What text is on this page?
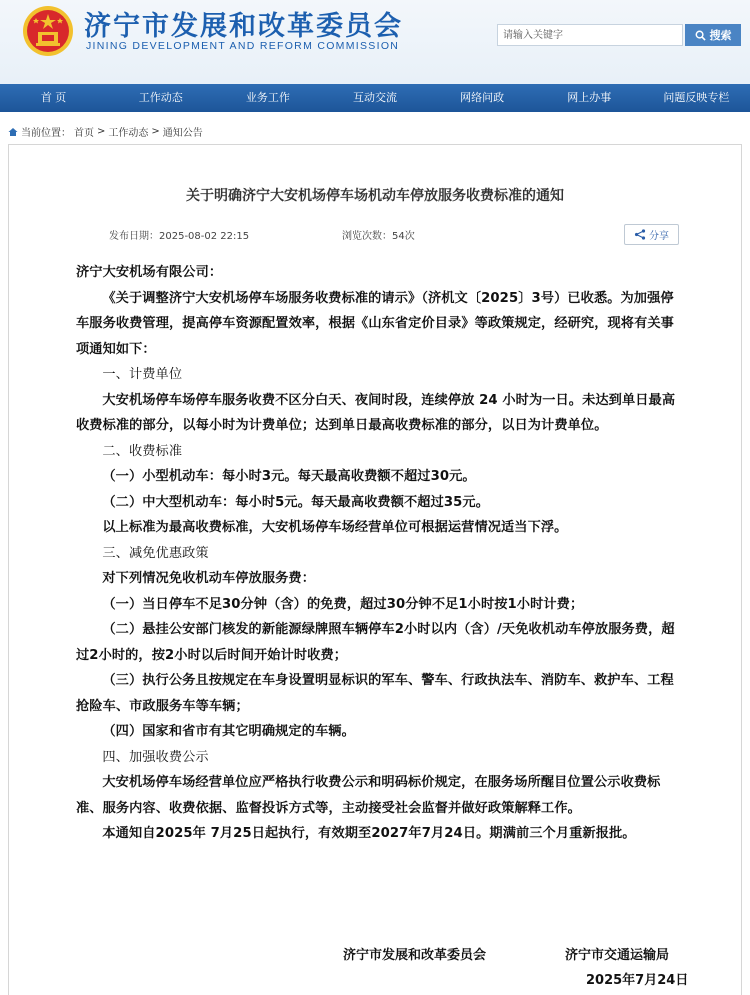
济宁市发展和改革委员会
JINING DEVELOPMENT AND REFORM COMMISSION
请输入关键字
搜索
首 页	工作动态	业务工作	互动交流	网络问政	网上办事	问题反映专栏
当前位置： 首页 > 工作动态 > 通知公告
关于明确济宁大安机场停车场机动车停放服务收费标准的通知
发布日期：2025-08-02 22:15	浏览次数：54次	分享

济宁大安机场有限公司：

《关于调整济宁大安机场停车场服务收费标准的请示》（济机文〔2025〕3号）已收悉。为加强停车服务收费管理，提高停车资源配置效率，根据《山东省定价目录》等政策规定，经研究，现将有关事项通知如下：

一、计费单位

大安机场停车场停车服务收费不区分白天、夜间时段，连续停放 24 小时为一日。未达到单日最高收费标准的部分，以每小时为计费单位；达到单日最高收费标准的部分，以日为计费单位。

二、收费标准

（一）小型机动车：每小时3元。每天最高收费额不超过30元。

（二）中大型机动车：每小时5元。每天最高收费额不超过35元。

以上标准为最高收费标准，大安机场停车场经营单位可根据运营情况适当下浮。

三、减免优惠政策

对下列情况免收机动车停放服务费：

（一）当日停车不足30分钟（含）的免费，超过30分钟不足1小时按1小时计费；

（二）悬挂公安部门核发的新能源绿牌照车辆停车2小时以内（含）/天免收机动车停放服务费，超过2小时的，按2小时以后时间开始计时收费；

（三）执行公务且按规定在车身设置明显标识的军车、警车、行政执法车、消防车、救护车、工程抢险车、市政服务车等车辆；

（四）国家和省市有其它明确规定的车辆。

四、加强收费公示

大安机场停车场经营单位应严格执行收费公示和明码标价规定，在服务场所醒目位置公示收费标准、服务内容、收费依据、监督投诉方式等，主动接受社会监督并做好政策解释工作。

本通知自2025年 7月25日起执行，有效期至2027年7月24日。期满前三个月重新报批。

济宁市发展和改革委员会	济宁市交通运输局
2025年7月24日
